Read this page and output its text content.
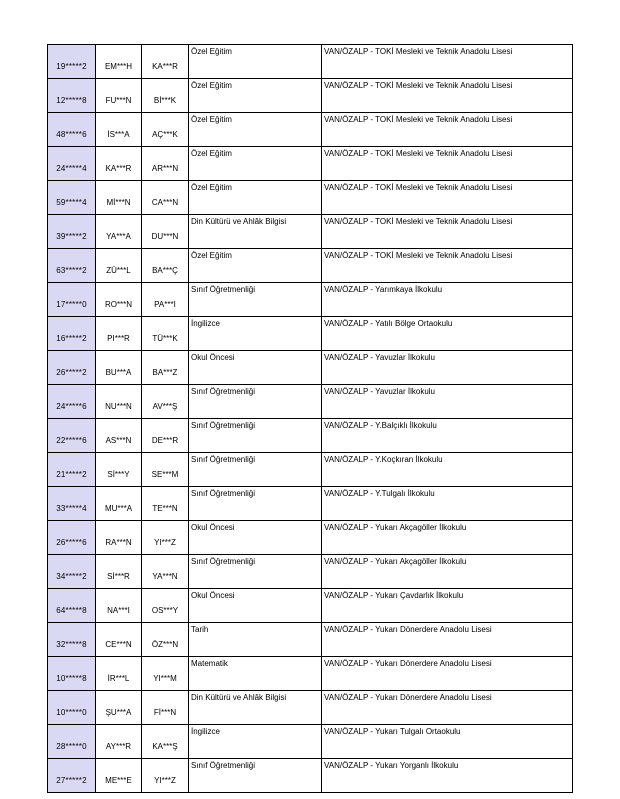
19*****2	EM***H	KA***R	Özel Eğitim	VAN/ÖZALP - TOKİ Mesleki ve Teknik Anadolu Lisesi
12*****8	FU***N	Bİ***K	Özel Eğitim	VAN/ÖZALP - TOKİ Mesleki ve Teknik Anadolu Lisesi
48*****6	İS***A	AÇ***K	Özel Eğitim	VAN/ÖZALP - TOKİ Mesleki ve Teknik Anadolu Lisesi
24*****4	KA***R	AR***N	Özel Eğitim	VAN/ÖZALP - TOKİ Mesleki ve Teknik Anadolu Lisesi
59*****4	Mİ***N	CA***N	Özel Eğitim	VAN/ÖZALP - TOKİ Mesleki ve Teknik Anadolu Lisesi
39*****2	YA***A	DU***N	Din Kültürü ve Ahlâk Bilgisi	VAN/ÖZALP - TOKİ Mesleki ve Teknik Anadolu Lisesi
63*****2	ZÜ***L	BA***Ç	Özel Eğitim	VAN/ÖZALP - TOKİ Mesleki ve Teknik Anadolu Lisesi
17*****0	RO***N	PA***I	Sınıf Öğretmenliği	VAN/ÖZALP - Yarımkaya İlkokulu
16*****2	PI***R	TÜ***K	İngilizce	VAN/ÖZALP - Yatılı Bölge Ortaokulu
26*****2	BU***A	BA***Z	Okul Öncesi	VAN/ÖZALP - Yavuzlar İlkokulu
24*****6	NU***N	AV***Ş	Sınıf Öğretmenliği	VAN/ÖZALP - Yavuzlar İlkokulu
22*****6	AS***N	DE***R	Sınıf Öğretmenliği	VAN/ÖZALP - Y.Balçıklı İlkokulu
21*****2	Sİ***Y	SE***M	Sınıf Öğretmenliği	VAN/ÖZALP - Y.Koçkıran İlkokulu
33*****4	MU***A	TE***N	Sınıf Öğretmenliği	VAN/ÖZALP - Y.Tulgalı İlkokulu
26*****6	RA***N	YI***Z	Okul Öncesi	VAN/ÖZALP - Yukarı Akçagöller İlkokulu
34*****2	Sİ***R	YA***N	Sınıf Öğretmenliği	VAN/ÖZALP - Yukarı Akçagöller İlkokulu
64*****8	NA***I	OS***Y	Okul Öncesi	VAN/ÖZALP - Yukarı Çavdarlık İlkokulu
32*****8	CE***N	ÖZ***N	Tarih	VAN/ÖZALP - Yukarı Dönerdere Anadolu Lisesi
10*****8	İR***L	YI***M	Matematik	VAN/ÖZALP - Yukarı Dönerdere Anadolu Lisesi
10*****0	ŞU***A	Fİ***N	Din Kültürü ve Ahlâk Bilgisi	VAN/ÖZALP - Yukarı Dönerdere Anadolu Lisesi
28*****0	AY***R	KA***Ş	İngilizce	VAN/ÖZALP - Yukarı Tulgalı Ortaokulu
27*****2	ME***E	YI***Z	Sınıf Öğretmenliği	VAN/ÖZALP - Yukarı Yorganlı İlkokulu
